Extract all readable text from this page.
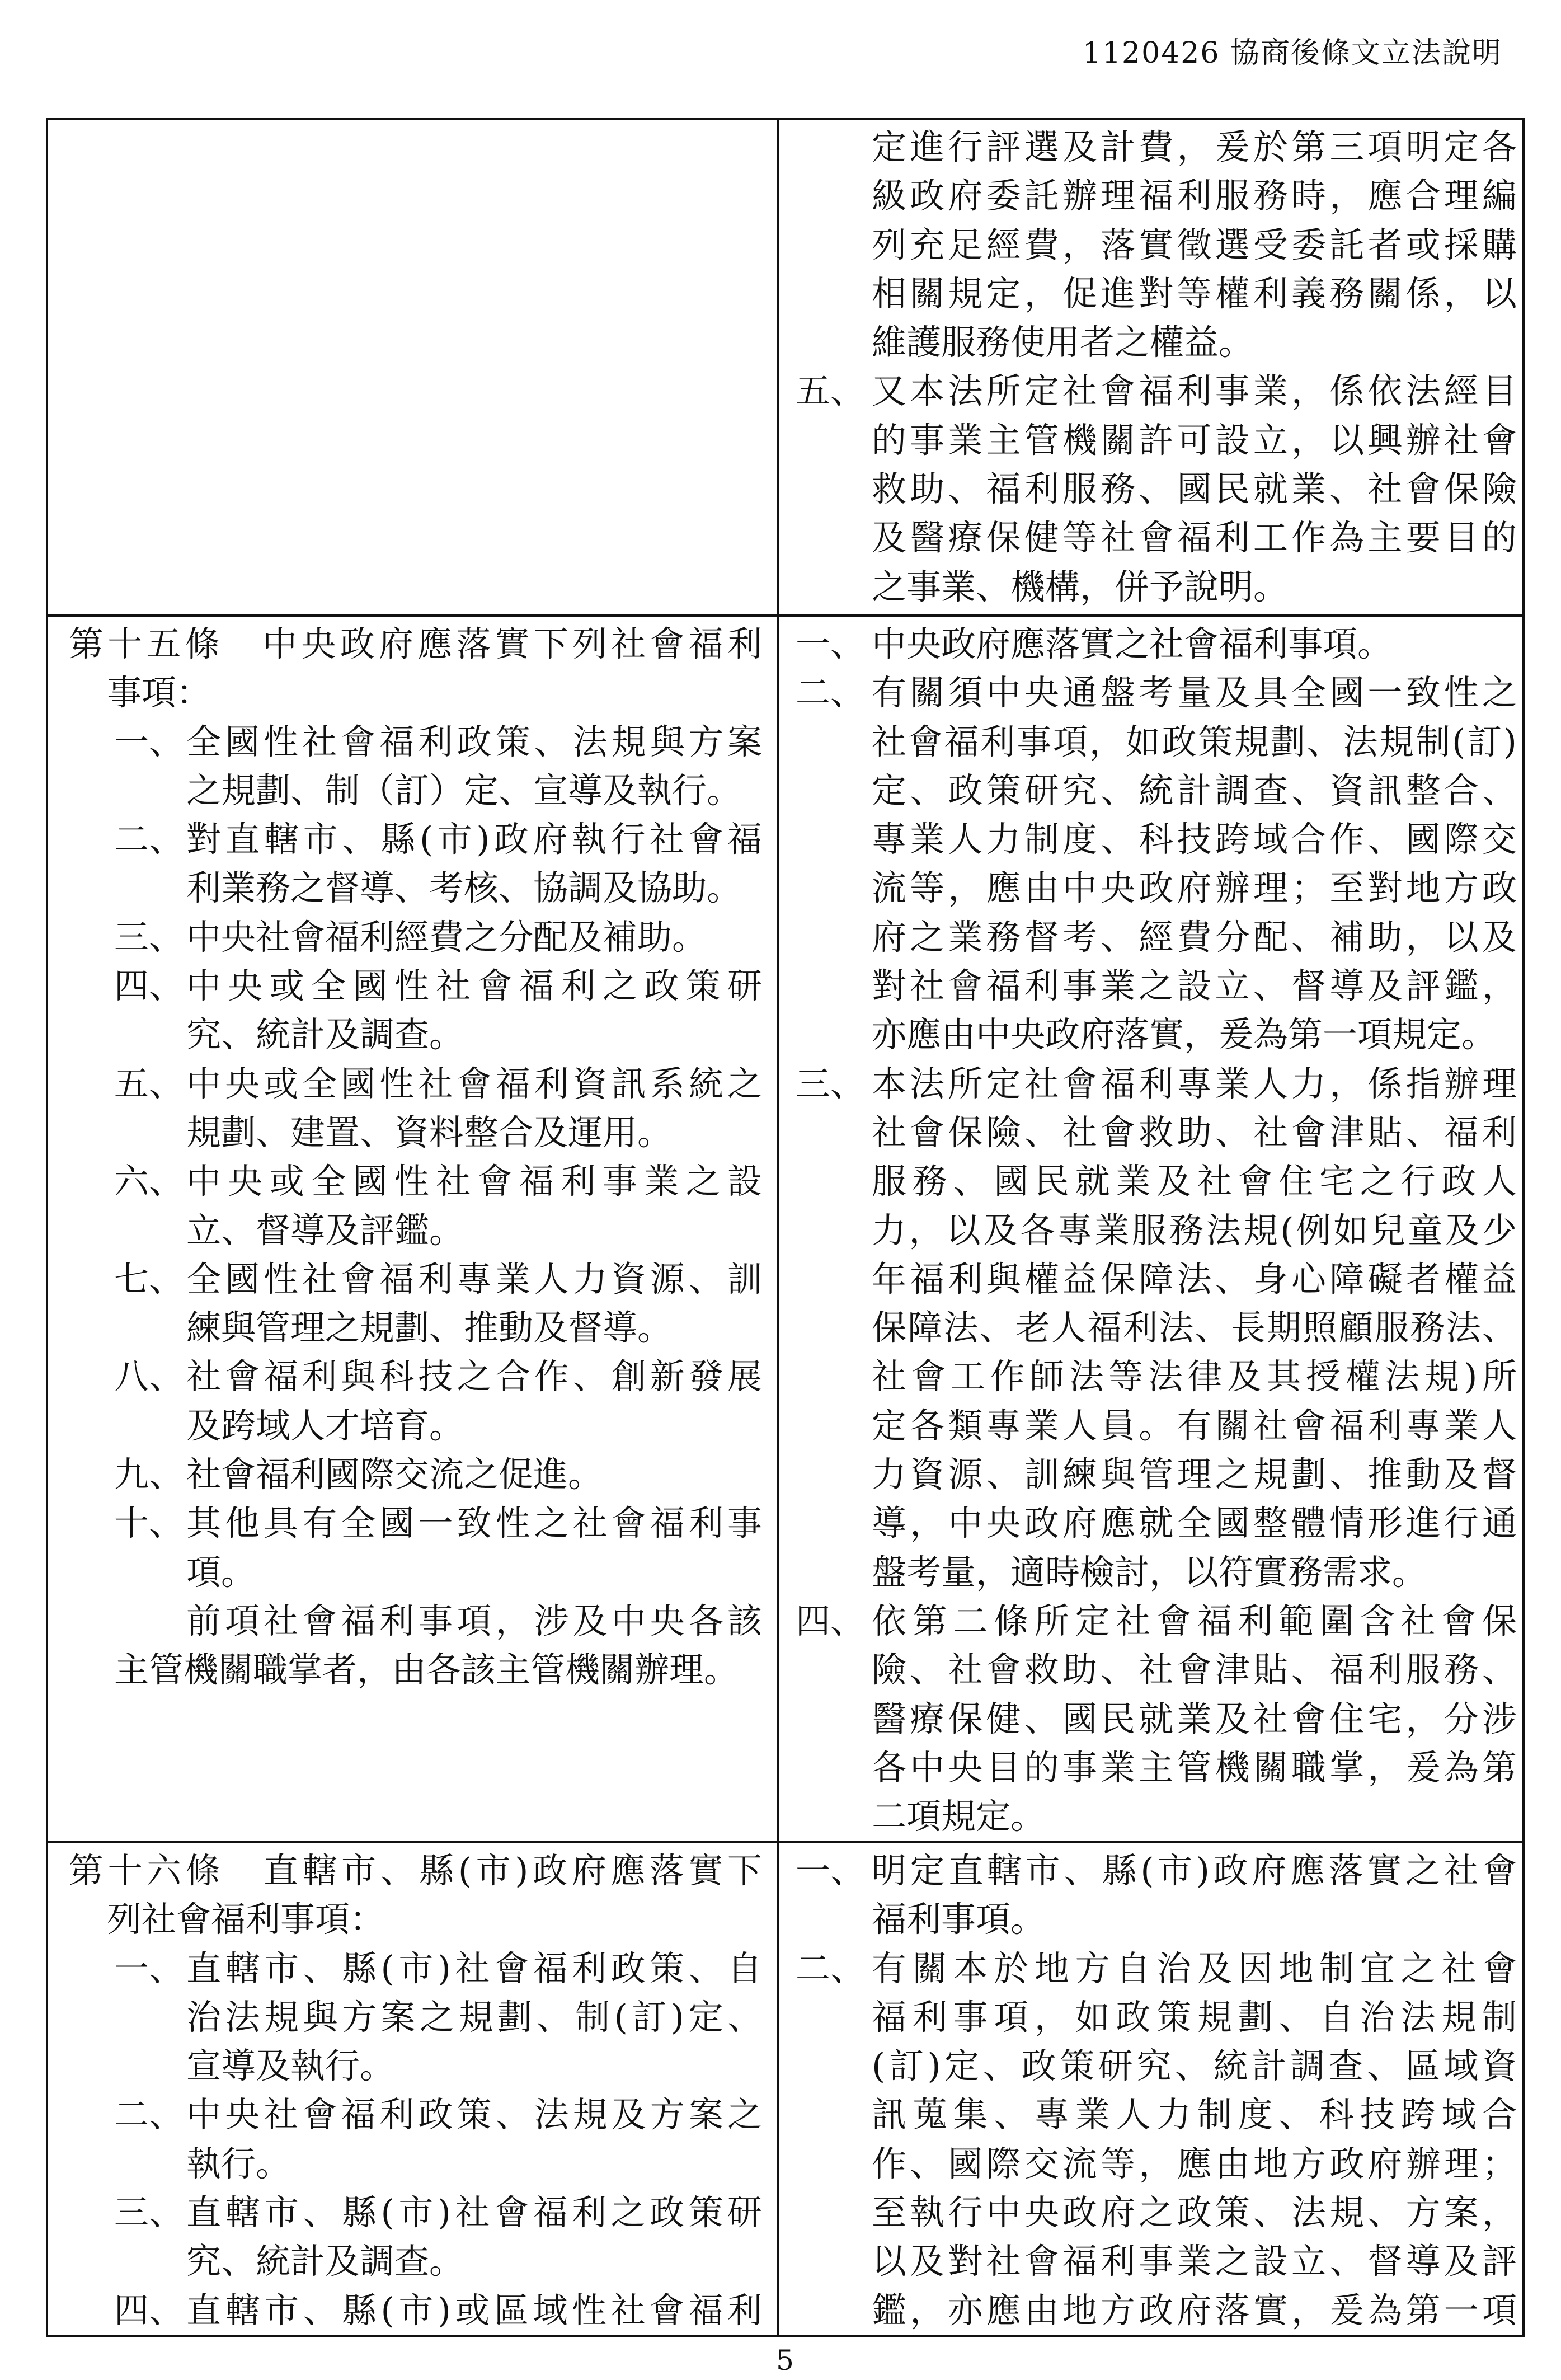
1120426 協商後條文立法說明
定進行評選及計費，爰於第三項明定各
級政府委託辦理福利服務時，應合理編
列充足經費，落實徵選受委託者或採購
相關規定，促進對等權利義務關係，以
維護服務使用者之權益。
五、 又本法所定社會福利事業，係依法經目
的事業主管機關許可設立，以興辦社會
救助、福利服務、國民就業、社會保險
及醫療保健等社會福利工作為主要目的
之事業、機構，併予說明。
第十五條　中央政府應落實下列社會福利
事項：
一、 全國性社會福利政策、法規與方案
之規劃、制（訂）定、宣導及執行。
二、 對直轄市、縣(市)政府執行社會福
利業務之督導、考核、協調及協助。
三、 中央社會福利經費之分配及補助。
四、 中央或全國性社會福利之政策研
究、統計及調查。
五、 中央或全國性社會福利資訊系統之
規劃、建置、資料整合及運用。
六、 中央或全國性社會福利事業之設
立、督導及評鑑。
七、 全國性社會福利專業人力資源、訓
練與管理之規劃、推動及督導。
八、 社會福利與科技之合作、創新發展
及跨域人才培育。
九、 社會福利國際交流之促進。
十、 其他具有全國一致性之社會福利事
項。
前項社會福利事項，涉及中央各該
主管機關職掌者，由各該主管機關辦理。
一、 中央政府應落實之社會福利事項。
二、 有關須中央通盤考量及具全國一致性之
社會福利事項，如政策規劃、法規制(訂)
定、政策研究、統計調查、資訊整合、
專業人力制度、科技跨域合作、國際交
流等，應由中央政府辦理；至對地方政
府之業務督考、經費分配、補助，以及
對社會福利事業之設立、督導及評鑑，
亦應由中央政府落實，爰為第一項規定。
三、 本法所定社會福利專業人力，係指辦理
社會保險、社會救助、社會津貼、福利
服務、國民就業及社會住宅之行政人
力，以及各專業服務法規(例如兒童及少
年福利與權益保障法、身心障礙者權益
保障法、老人福利法、長期照顧服務法、
社會工作師法等法律及其授權法規)所
定各類專業人員。有關社會福利專業人
力資源、訓練與管理之規劃、推動及督
導，中央政府應就全國整體情形進行通
盤考量，適時檢討，以符實務需求。
四、 依第二條所定社會福利範圍含社會保
險、社會救助、社會津貼、福利服務、
醫療保健、國民就業及社會住宅，分涉
各中央目的事業主管機關職掌，爰為第
二項規定。
第十六條　直轄市、縣(市)政府應落實下
列社會福利事項：
一、 直轄市、縣(市)社會福利政策、自
治法規與方案之規劃、制(訂)定、
宣導及執行。
二、 中央社會福利政策、法規及方案之
執行。
三、 直轄市、縣(市)社會福利之政策研
究、統計及調查。
四、 直轄市、縣(市)或區域性社會福利
一、 明定直轄市、縣(市)政府應落實之社會
福利事項。
二、 有關本於地方自治及因地制宜之社會
福利事項，如政策規劃、自治法規制
(訂)定、政策研究、統計調查、區域資
訊蒐集、專業人力制度、科技跨域合
作、國際交流等，應由地方政府辦理；
至執行中央政府之政策、法規、方案，
以及對社會福利事業之設立、督導及評
鑑，亦應由地方政府落實，爰為第一項
5
